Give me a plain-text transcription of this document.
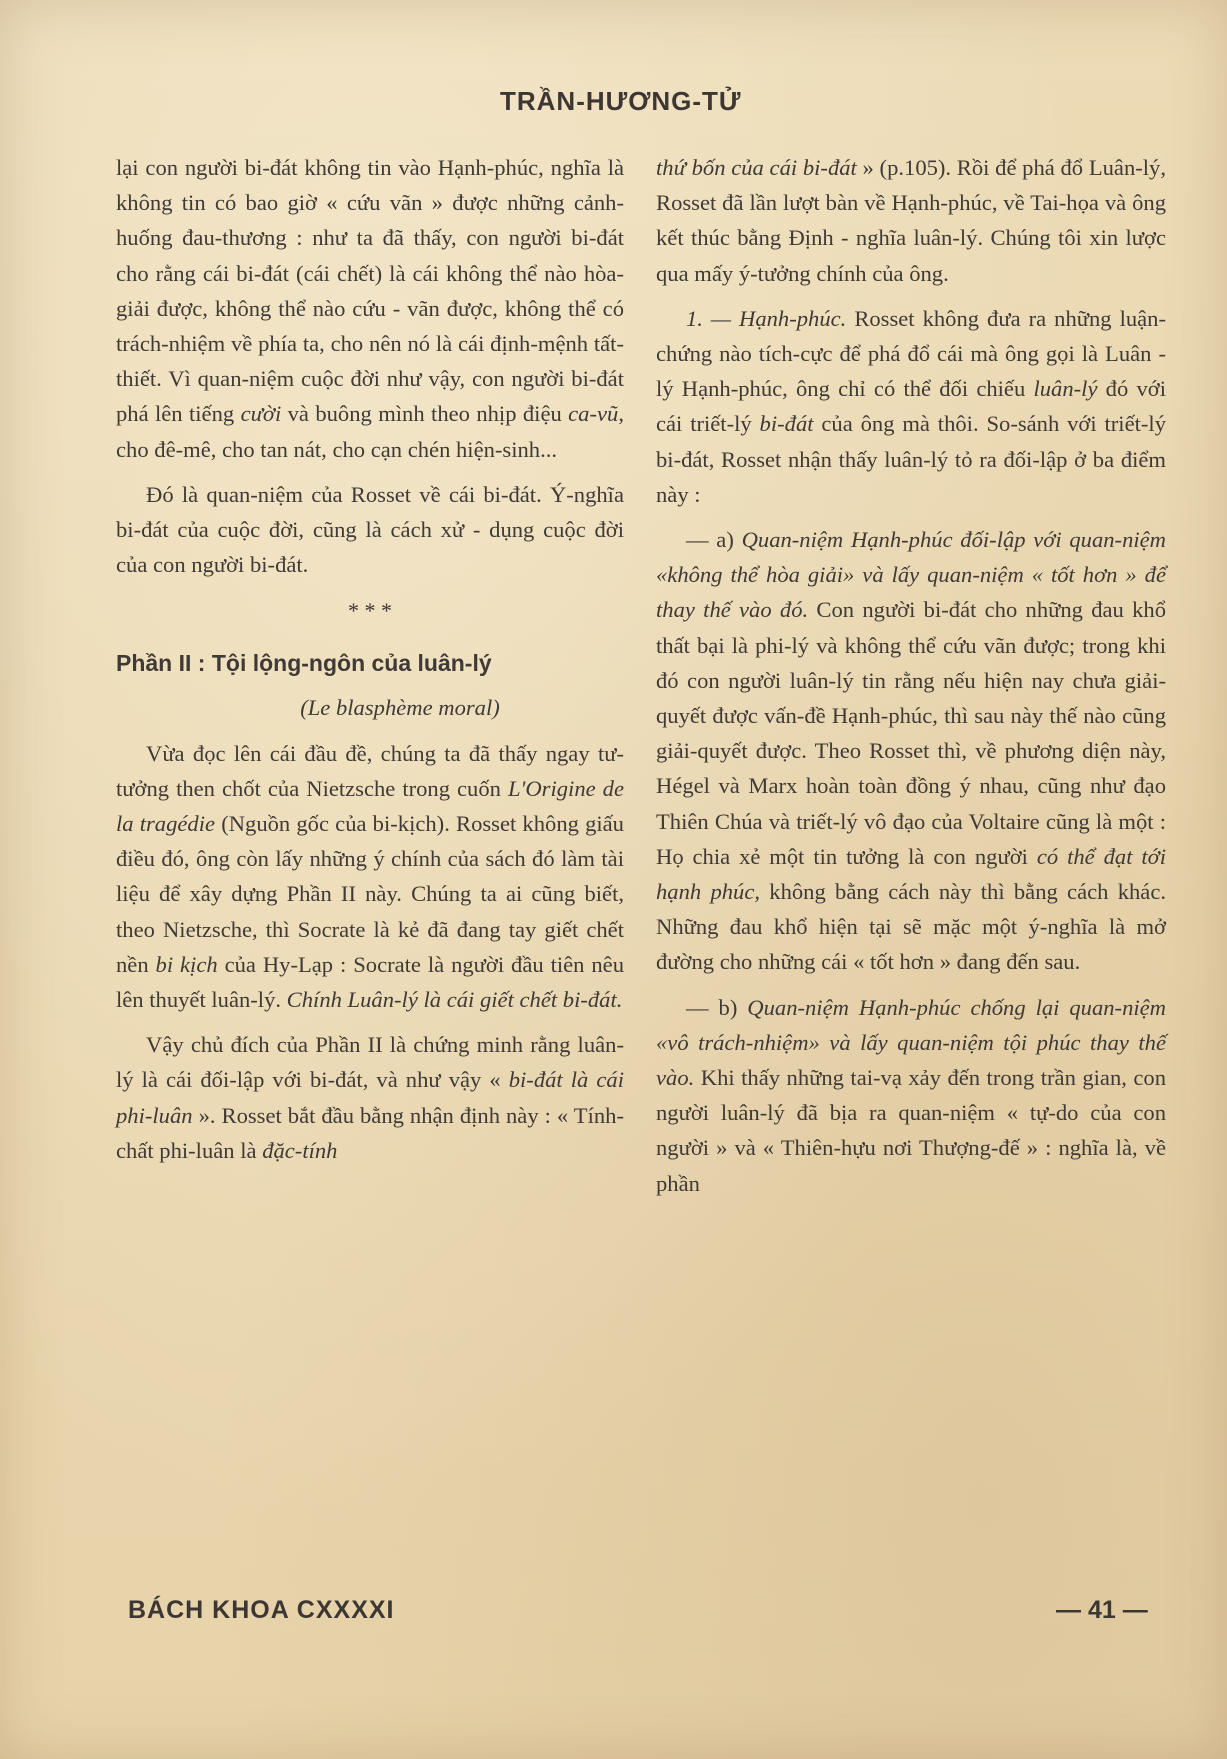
TRẦN-HƯƠNG-TỬ

lại con người bi-đát không tin vào Hạnh-phúc, nghĩa là không tin có bao giờ « cứu vãn » được những cảnh-huống đau-thương : như ta đã thấy, con người bi-đát cho rằng cái bi-đát (cái chết) là cái không thể nào hòa-giải được, không thể nào cứu - vãn được, không thể có trách-nhiệm về phía ta, cho nên nó là cái định-mệnh tất-thiết. Vì quan-niệm cuộc đời như vậy, con người bi-đát phá lên tiếng cười và buông mình theo nhịp điệu ca-vũ, cho đê-mê, cho tan nát, cho cạn chén hiện-sinh...

Đó là quan-niệm của Rosset về cái bi-đát. Ý-nghĩa bi-đát của cuộc đời, cũng là cách xử - dụng cuộc đời của con người bi-đát.

* * *

Phần II : Tội lộng-ngôn của luân-lý

(Le blasphème moral)

Vừa đọc lên cái đầu đề, chúng ta đã thấy ngay tư-tưởng then chốt của Nietzsche trong cuốn L'Origine de la tragédie (Nguồn gốc của bi-kịch). Rosset không giấu điều đó, ông còn lấy những ý chính của sách đó làm tài liệu để xây dựng Phần II này. Chúng ta ai cũng biết, theo Nietzsche, thì Socrate là kẻ đã đang tay giết chết nền bi kịch của Hy-Lạp : Socrate là người đầu tiên nêu lên thuyết luân-lý. Chính Luân-lý là cái giết chết bi-đát.

Vậy chủ đích của Phần II là chứng minh rằng luân-lý là cái đối-lập với bi-đát, và như vậy « bi-đát là cái phi-luân ». Rosset bắt đầu bằng nhận định này : « Tính-chất phi-luân là đặc-tính

thứ bốn của cái bi-đát » (p.105). Rồi để phá đổ Luân-lý, Rosset đã lần lượt bàn về Hạnh-phúc, về Tai-họa và ông kết thúc bằng Định - nghĩa luân-lý. Chúng tôi xin lược qua mấy ý-tưởng chính của ông.

1. — Hạnh-phúc. Rosset không đưa ra những luận-chứng nào tích-cực để phá đổ cái mà ông gọi là Luân - lý Hạnh-phúc, ông chỉ có thể đối chiếu luân-lý đó với cái triết-lý bi-đát của ông mà thôi. So-sánh với triết-lý bi-đát, Rosset nhận thấy luân-lý tỏ ra đối-lập ở ba điểm này :

— a) Quan-niệm Hạnh-phúc đối-lập với quan-niệm «không thể hòa giải» và lấy quan-niệm « tốt hơn » để thay thế vào đó. Con người bi-đát cho những đau khổ thất bại là phi-lý và không thể cứu vãn được; trong khi đó con người luân-lý tin rằng nếu hiện nay chưa giải-quyết được vấn-đề Hạnh-phúc, thì sau này thế nào cũng giải-quyết được. Theo Rosset thì, về phương diện này, Hégel và Marx hoàn toàn đồng ý nhau, cũng như đạo Thiên Chúa và triết-lý vô đạo của Voltaire cũng là một : Họ chia xẻ một tin tưởng là con người có thể đạt tới hạnh phúc, không bằng cách này thì bằng cách khác. Những đau khổ hiện tại sẽ mặc một ý-nghĩa là mở đường cho những cái « tốt hơn » đang đến sau.

— b) Quan-niệm Hạnh-phúc chống lại quan-niệm «vô trách-nhiệm» và lấy quan-niệm tội phúc thay thế vào. Khi thấy những tai-vạ xảy đến trong trần gian, con người luân-lý đã bịa ra quan-niệm « tự-do của con người » và « Thiên-hựu nơi Thượng-đế » : nghĩa là, về phần

BÁCH KHOA CXXXXI	— 41 —
